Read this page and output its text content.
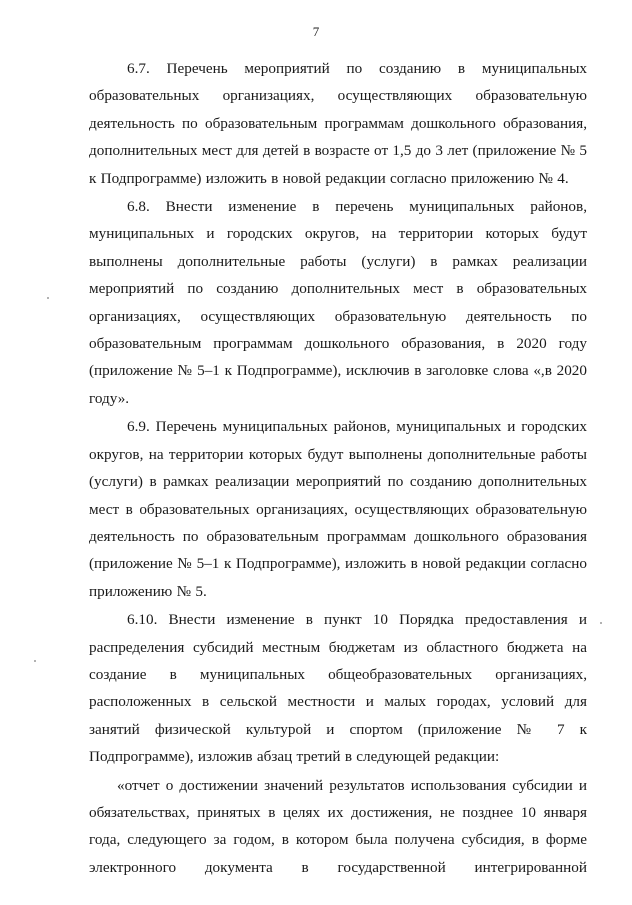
7

6.7. Перечень мероприятий по созданию в муниципальных образовательных организациях, осуществляющих образовательную деятельность по образовательным программам дошкольного образования, дополнительных мест для детей в возрасте от 1,5 до 3 лет (приложение № 5 к Подпрограмме) изложить в новой редакции согласно приложению № 4.

6.8. Внести изменение в перечень муниципальных районов, муниципальных и городских округов, на территории которых будут выполнены дополнительные работы (услуги) в рамках реализации мероприятий по созданию дополнительных мест в образовательных организациях, осуществляющих образовательную деятельность по образовательным программам дошкольного образования, в 2020 году (приложение № 5–1 к Подпрограмме), исключив в заголовке слова «,в 2020 году».

6.9. Перечень муниципальных районов, муниципальных и городских округов, на территории которых будут выполнены дополнительные работы (услуги) в рамках реализации мероприятий по созданию дополнительных мест в образовательных организациях, осуществляющих образовательную деятельность по образовательным программам дошкольного образования (приложение № 5–1 к Подпрограмме), изложить в новой редакции согласно приложению № 5.

6.10. Внести изменение в пункт 10 Порядка предоставления и распределения субсидий местным бюджетам из областного бюджета на создание в муниципальных общеобразовательных организациях, расположенных в сельской местности и малых городах, условий для занятий физической культурой и спортом (приложение № 7 к Подпрограмме), изложив абзац третий в следующей редакции:

«отчет о достижении значений результатов использования субсидии и обязательствах, принятых в целях их достижения, не позднее 10 января года, следующего за годом, в котором была получена субсидия, в форме электронного документа в государственной интегрированной
